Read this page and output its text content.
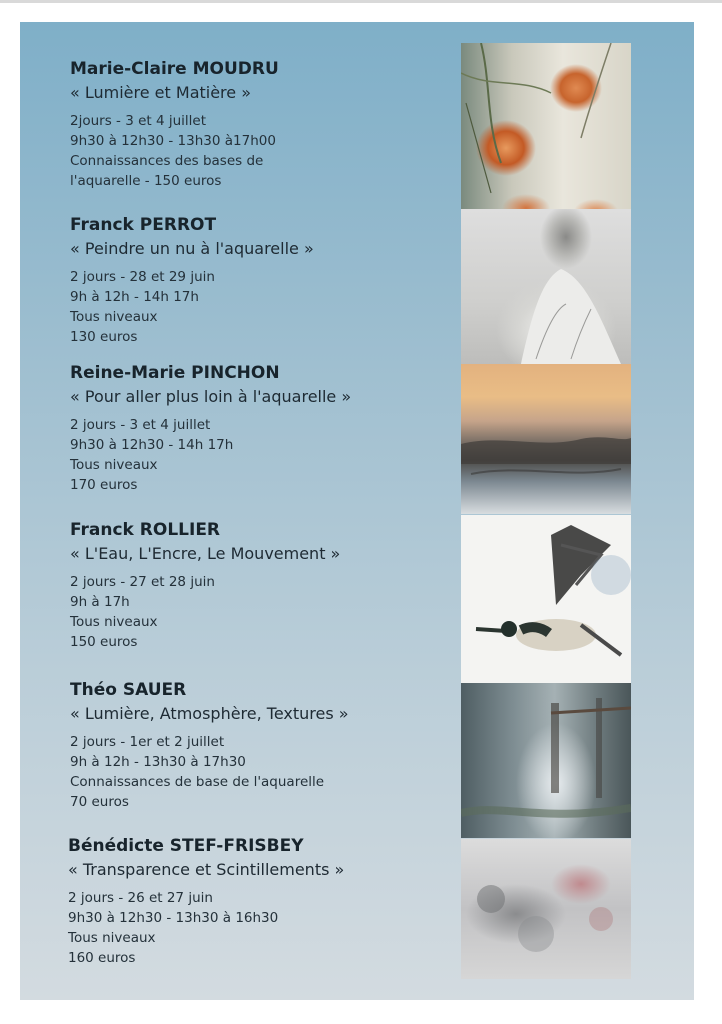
Marie-Claire MOUDRU

« Lumière et Matière »

2jours - 3 et 4 juillet

9h30 à 12h30 - 13h30 à17h00

Connaissances des bases de

l'aquarelle - 150 euros

Franck PERROT

« Peindre un nu à l'aquarelle »

2 jours - 28 et 29 juin

9h à 12h - 14h 17h

Tous niveaux

130 euros

Reine-Marie PINCHON

« Pour aller plus loin à l'aquarelle »

2 jours - 3 et 4 juillet

9h30 à 12h30 - 14h 17h

Tous niveaux

170 euros

Franck ROLLIER

« L'Eau, L'Encre, Le Mouvement »

2 jours - 27 et 28 juin

9h à 17h

Tous niveaux

150 euros

Théo SAUER

« Lumière, Atmosphère, Textures »

2 jours - 1er et 2 juillet

9h à 12h - 13h30 à 17h30

Connaissances de base de l'aquarelle

70 euros

Bénédicte STEF-FRISBEY

« Transparence et Scintillements »

2 jours - 26 et 27 juin

9h30 à 12h30 - 13h30 à 16h30

Tous niveaux

160 euros
